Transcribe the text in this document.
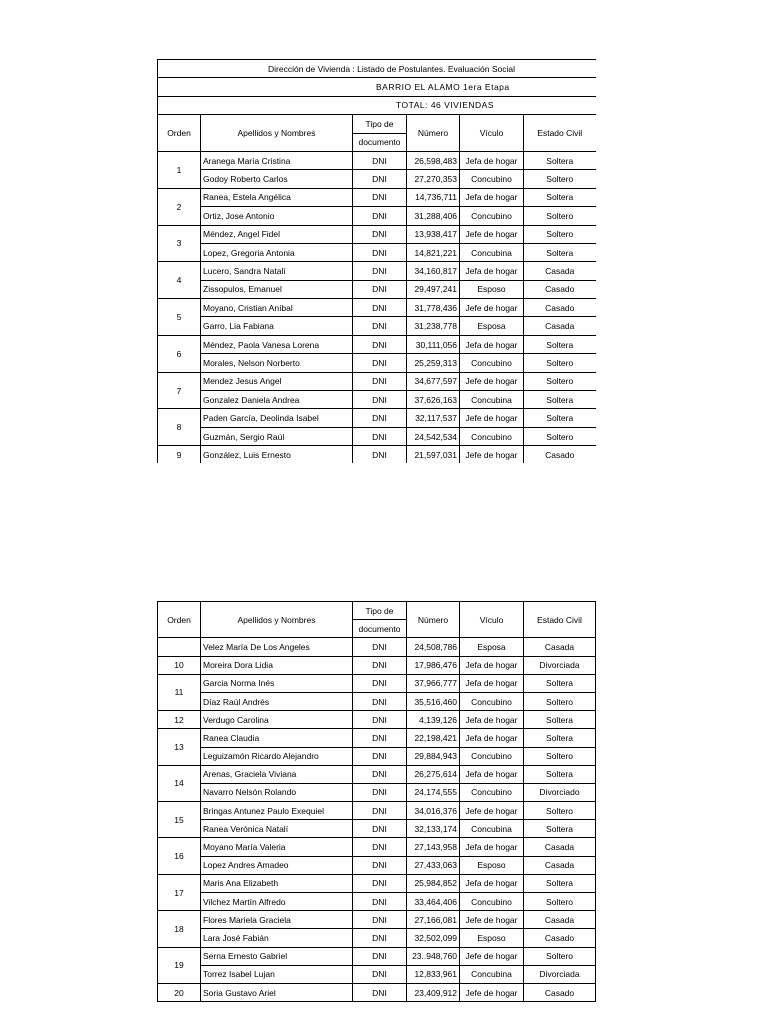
Dirección de Vivienda : Listado de Postulantes. Evaluación Social					
BARRIO EL ALAMO 1era Etapa					
TOTAL: 46 VIVIENDAS					
Orden	Apellidos y Nombres	Tipo de	Número	Vículo	Estado Civil
		documento			
1	Aranega María Cristina	DNI	26,598,483	Jefa de hogar	Soltera
	Godoy Roberto Carlos	DNI	27,270,353	Concubino	Soltero
2	Ranea, Estela Angélica	DNI	14,736,711	Jefa de hogar	Soltera
	Ortiz, Jose Antonio	DNI	31,288,406	Concubino	Soltero
3	Méndez, Angel Fidel	DNI	13,938,417	Jefe de hogar	Soltero
	Lopez, Gregoria Antonia	DNI	14,821,221	Concubina	Soltera
4	Lucero, Sandra Natalí	DNI	34,160,817	Jefa de hogar	Casada
	Zissopulos, Emanuel	DNI	29,497,241	Esposo	Casado
5	Moyano, Cristian Aníbal	DNI	31,778,436	Jefe de hogar	Casado
	Garro, Lia Fabiana	DNI	31,238,778	Esposa	Casada
6	Méndez, Paola Vanesa Lorena	DNI	30,111,056	Jefa de hogar	Soltera
	Morales, Nelson Norberto	DNI	25,259,313	Concubino	Soltero
7	Mendez Jesus Angel	DNI	34,677,597	Jefe de hogar	Soltero
	Gonzalez Daniela Andrea	DNI	37,626,163	Concubina	Soltera
8	Paden García, Deolinda Isabel	DNI	32,117,537	Jefe de hogar	Soltera
	Guzmán, Sergio Raúl	DNI	24,542,534	Concubino	Soltero
9	González, Luis Ernesto	DNI	21,597,031	Jefe de hogar	Casado
Orden	Apellidos y Nombres	Tipo de	Número	Vículo	Estado Civil
		documento			
	Velez María De Los Angeles	DNI	24,508,786	Esposa	Casada
10	Moreira Dora Lidia	DNI	17,986,476	Jefa de hogar	Divorciada
11	Garcia Norma Inés	DNI	37,966,777	Jefa de hogar	Soltera
	Díaz Raúl Andrés	DNI	35,516,460	Concubino	Soltero
12	Verdugo Carolina	DNI	4,139,126	Jefa de hogar	Soltera
13	Ranea Claudia	DNI	22,198,421	Jefa de hogar	Soltera
	Leguizamón Ricardo Alejandro	DNI	29,884,943	Concubino	Soltero
14	Arenas, Graciela Viviana	DNI	26,275,614	Jefa de hogar	Soltera
	Navarro Nelsón Rolando	DNI	24,174,555	Concubino	Divorciado
15	Bringas Antunez Paulo Exequiel	DNI	34,016,376	Jefe de hogar	Soltero
	Ranea Verónica Natalí	DNI	32,133,174	Concubina	Soltera
16	Moyano María Valeria	DNI	27,143,958	Jefa de hogar	Casada
	Lopez Andres Amadeo	DNI	27,433,063	Esposo	Casada
17	Maris Ana Elizabeth	DNI	25,984,852	Jefa de hogar	Soltera
	Vilchez Martín Alfredo	DNI	33,464,406	Concubino	Soltero
18	Flores Mariela Graciela	DNI	27,166,081	Jefe de hogar	Casada
	Lara José Fabián	DNI	32,502,099	Esposo	Casado
19	Serna Ernesto Gabriel	DNI	23..948,760	Jefe de hogar	Soltero
	Torrez Isabel Lujan	DNI	12,833,961	Concubina	Divorciada
20	Soria Gustavo Ariel	DNI	23,409,912	Jefe de hogar	Casado
